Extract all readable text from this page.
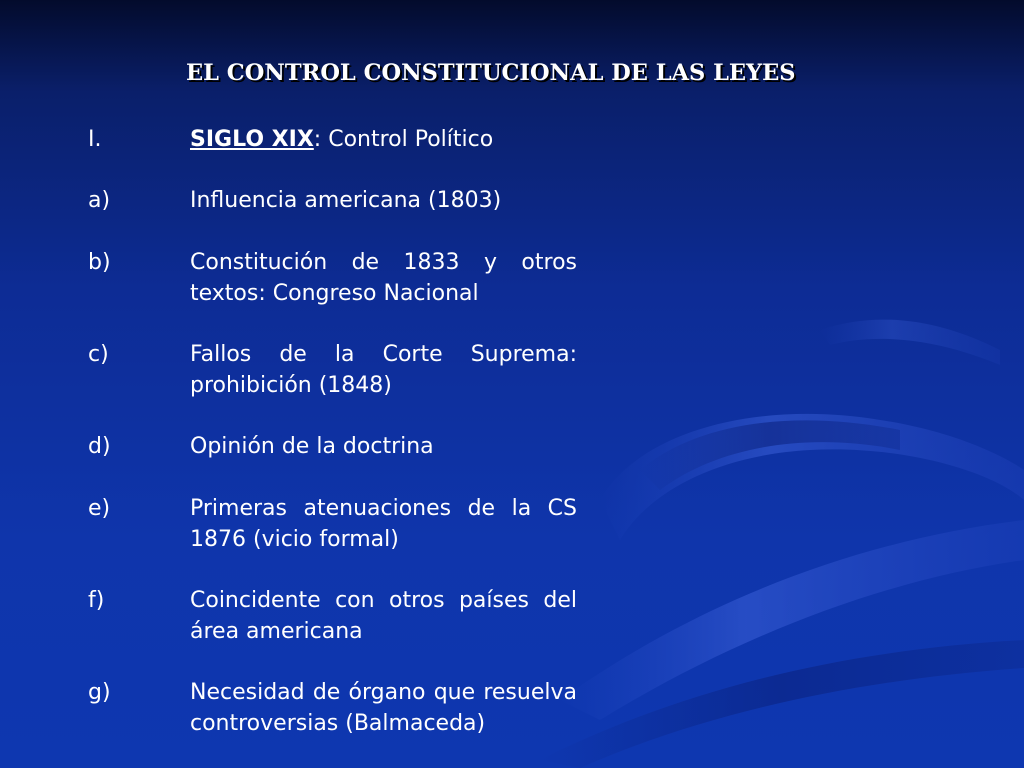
EL CONTROL CONSTITUCIONAL DE LAS LEYES
I.	SIGLO XIX: Control Político
a)	Influencia americana (1803)

b)	Constitución de 1833 y otros textos: Congreso Nacional

c)	Fallos de la Corte Suprema: prohibición (1848)

d)	Opinión de la doctrina

e)	Primeras atenuaciones de la CS 1876 (vicio formal)

f)	Coincidente con otros países del área americana

g)	Necesidad de órgano que resuelva controversias (Balmaceda)
